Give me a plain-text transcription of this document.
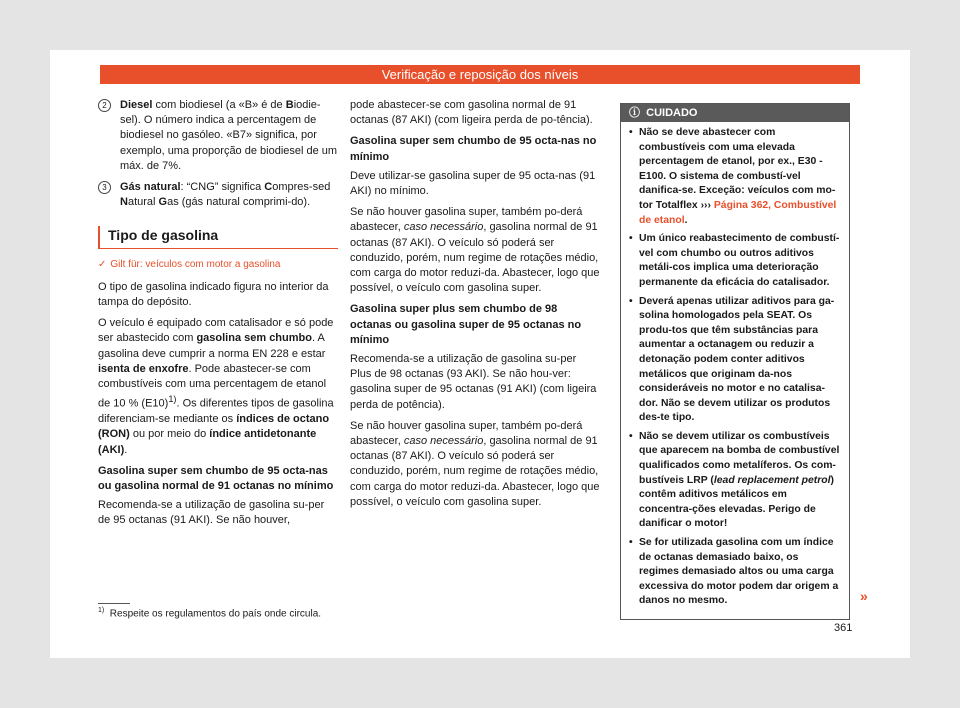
Verificação e reposição dos níveis
2	Diesel com biodiesel (a «B» é de Biodie-sel). O número indica a percentagem de biodiesel no gasóleo. «B7» significa, por exemplo, uma proporção de biodiesel de um máx. de 7%.
3	Gás natural: “CNG” significa Compres-sed Natural Gas (gás natural comprimi-do).
Tipo de gasolina
✓ Gilt für: veículos com motor a gasolina

O tipo de gasolina indicado figura no interior da tampa do depósito.

O veículo é equipado com catalisador e só pode ser abastecido com gasolina sem chumbo. A gasolina deve cumprir a norma EN 228 e estar isenta de enxofre. Pode abastecer-se com combustíveis com uma percentagem de etanol de 10 % $(E10)^{1)}$. Os diferentes tipos de gasolina diferenciam-se mediante os índices de octano (RON) ou por meio do índice antidetonante (AKI).

Gasolina super sem chumbo de 95 octa-nas ou gasolina normal de 91 octanas no mínimo

Recomenda-se a utilização de gasolina su-per de 95 octanas (91 AKI). Se não houver,

pode abastecer-se com gasolina normal de 91 octanas (87 AKI) (com ligeira perda de po-tência).

Gasolina super sem chumbo de 95 octa-nas no mínimo

Deve utilizar-se gasolina super de 95 octa-nas (91 AKI) no mínimo.

Se não houver gasolina super, também po-derá abastecer, caso necessário, gasolina normal de 91 octanas (87 AKI). O veículo só poderá ser conduzido, porém, num regime de rotações médio, com carga do motor reduzi-da. Abastecer, logo que possível, o veículo com gasolina super.

Gasolina super plus sem chumbo de 98 octanas ou gasolina super de 95 octanas no mínimo

Recomenda-se a utilização de gasolina su-per Plus de 98 octanas (93 AKI). Se não hou-ver: gasolina super de 95 octanas (91 AKI) (com ligeira perda de potência).

Se não houver gasolina super, também po-derá abastecer, caso necessário, gasolina normal de 91 octanas (87 AKI). O veículo só poderá ser conduzido, porém, num regime de rotações médio, com carga do motor reduzi-da. Abastecer, logo que possível, o veículo com gasolina super.

ⓘ CUIDADO
• Não se deve abastecer com combustíveis com uma elevada percentagem de etanol, por ex., E30 - E100. O sistema de combustí-vel danifica-se. Exceção: veículos com mo-tor Totalflex ››› Página 362, Combustível de etanol.
• Um único reabastecimento de combustí-vel com chumbo ou outros aditivos metáli-cos implica uma deterioração permanente da eficácia do catalisador.
• Deverá apenas utilizar aditivos para ga-solina homologados pela SEAT. Os produ-tos que têm substâncias para aumentar a octanagem ou reduzir a detonação podem conter aditivos metálicos que originam da-nos consideráveis no motor e no catalisa-dor. Não se devem utilizar os produtos des-te tipo.
• Não se devem utilizar os combustíveis que aparecem na bomba de combustível qualificados como metalíferos. Os com-bustíveis LRP (lead replacement petrol) contêm aditivos metálicos em concentra-ções elevadas. Perigo de danificar o motor!
• Se for utilizada gasolina com um índice de octanas demasiado baixo, os regimes demasiado altos ou uma carga excessiva do motor podem dar origem a danos no mesmo.	»
$^{1)}$ Respeite os regulamentos do país onde circula.
361
